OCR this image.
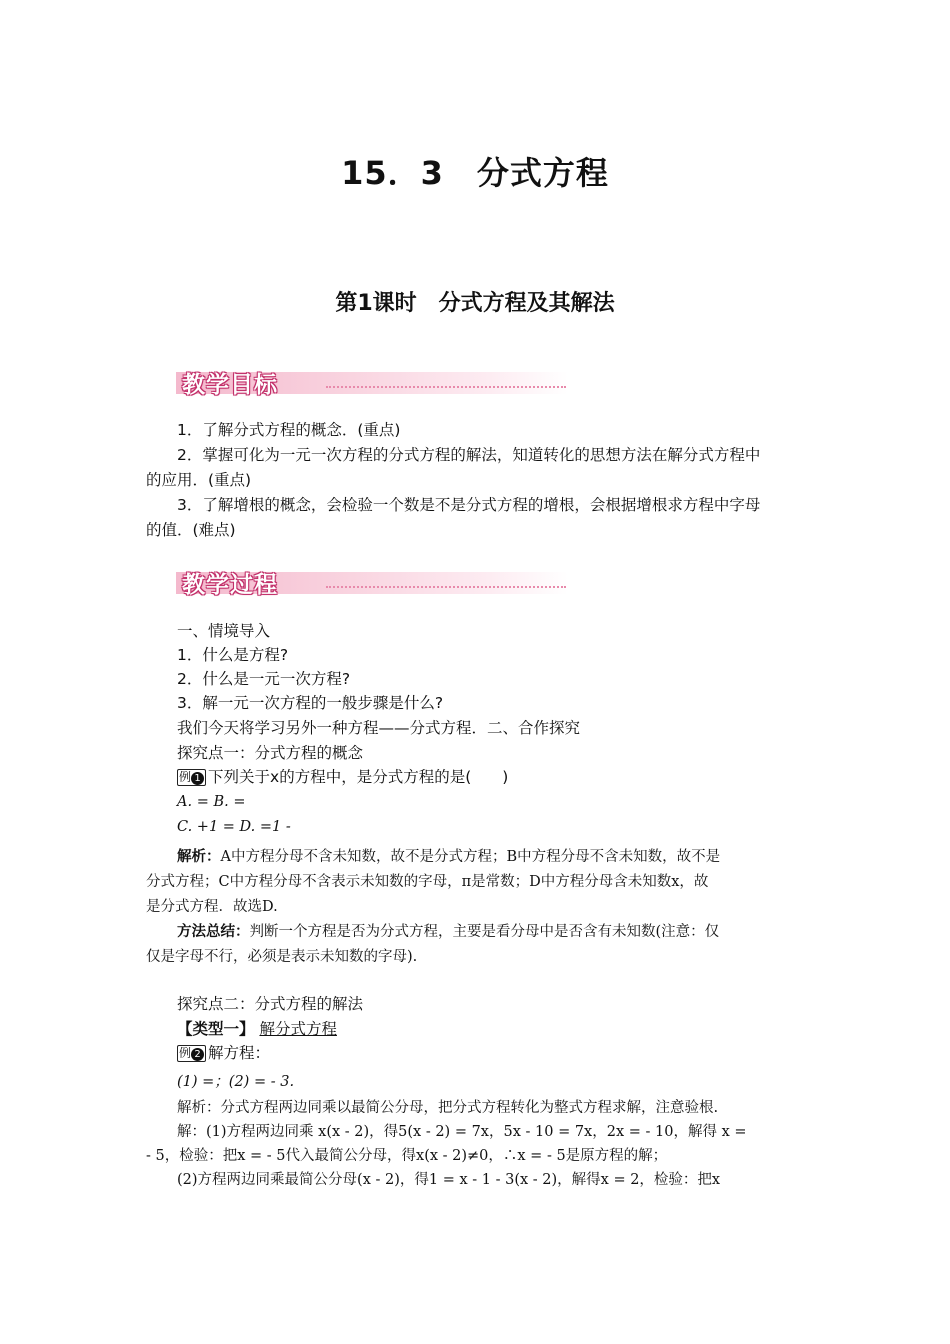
15．3　分式方程
第1课时　分式方程及其解法
教学目标
1．了解分式方程的概念．(重点)
2．掌握可化为一元一次方程的分式方程的解法，知道转化的思想方法在解分式方程中
的应用．(重点)
3．了解增根的概念，会检验一个数是不是分式方程的增根，会根据增根求方程中字母
的值．(难点)
教学过程
一、情境导入
1．什么是方程?
2．什么是一元一次方程?
3．解一元一次方程的一般步骤是什么?
我们今天将学习另外一种方程——分式方程．二、合作探究
探究点一：分式方程的概念
例 1 下列关于x的方程中，是分式方程的是(　　)
A. = B. =
C. +1 = D. =1 -
解析：A中方程分母不含未知数，故不是分式方程；B中方程分母不含未知数，故不是
分式方程；C中方程分母不含表示未知数的字母，π是常数；D中方程分母含未知数x，故
是分式方程．故选D.
方法总结：判断一个方程是否为分式方程，主要是看分母中是否含有未知数(注意：仅
仅是字母不行，必须是表示未知数的字母).
探究点二：分式方程的解法
【类型一】 解分式方程
例 2 解方程：
(1) =；(2) = - 3.
解析：分式方程两边同乘以最简公分母，把分式方程转化为整式方程求解，注意验根.
解：(1)方程两边同乘 x(x - 2)，得5(x - 2) = 7x，5x - 10 = 7x，2x = - 10，解得 x =
- 5，检验：把x = - 5代入最简公分母，得x(x - 2)≠0，∴x = - 5是原方程的解；
(2)方程两边同乘最简公分母(x - 2)，得1 = x - 1 - 3(x - 2)，解得x = 2，检验：把x
